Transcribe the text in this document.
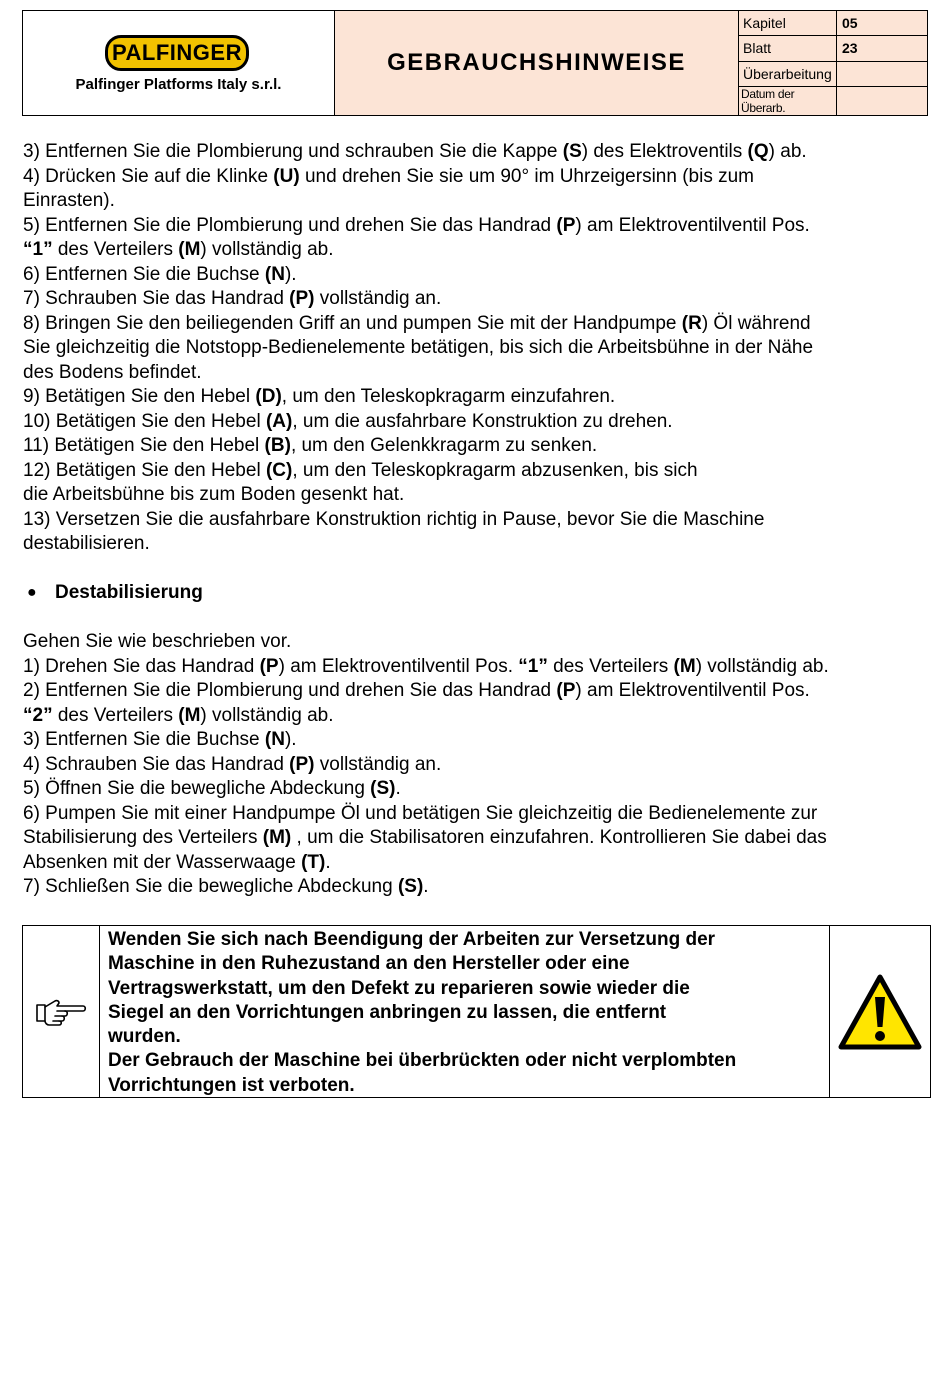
PALFINGER
Palfinger Platforms Italy s.r.l.
GEBRAUCHSHINWEISE
Kapitel	05
Blatt	23
Überarbeitung
Datum der Überarb.

3) Entfernen Sie die Plombierung und schrauben Sie die Kappe (S) des Elektroventils (Q) ab.

4) Drücken Sie auf die Klinke (U) und drehen Sie sie um 90° im Uhrzeigersinn (bis zum

Einrasten).

5) Entfernen Sie die Plombierung und drehen Sie das Handrad (P) am Elektroventilventil Pos.

“1” des Verteilers (M) vollständig ab.

6) Entfernen Sie die Buchse (N).

7) Schrauben Sie das Handrad (P) vollständig an.

8) Bringen Sie den beiliegenden Griff an und pumpen Sie mit der Handpumpe (R) Öl während

Sie gleichzeitig die Notstopp-Bedienelemente betätigen, bis sich die Arbeitsbühne in der Nähe

des Bodens befindet.

9) Betätigen Sie den Hebel (D), um den Teleskopkragarm einzufahren.

10) Betätigen Sie den Hebel (A), um die ausfahrbare Konstruktion zu drehen.

11) Betätigen Sie den Hebel (B), um den Gelenkkragarm zu senken.

12) Betätigen Sie den Hebel (C), um den Teleskopkragarm abzusenken, bis sich

die Arbeitsbühne bis zum Boden gesenkt hat.

13) Versetzen Sie die ausfahrbare Konstruktion richtig in Pause, bevor Sie die Maschine

destabilisieren.

● Destabilisierung

Gehen Sie wie beschrieben vor.

1) Drehen Sie das Handrad (P) am Elektroventilventil Pos. “1” des Verteilers (M) vollständig ab.

2) Entfernen Sie die Plombierung und drehen Sie das Handrad (P) am Elektroventilventil Pos.

“2” des Verteilers (M) vollständig ab.

3) Entfernen Sie die Buchse (N).

4) Schrauben Sie das Handrad (P) vollständig an.

5) Öffnen Sie die bewegliche Abdeckung (S).

6) Pumpen Sie mit einer Handpumpe Öl und betätigen Sie gleichzeitig die Bedienelemente zur

Stabilisierung des Verteilers (M) , um die Stabilisatoren einzufahren. Kontrollieren Sie dabei das

Absenken mit der Wasserwaage (T).

7) Schließen Sie die bewegliche Abdeckung (S).

Wenden Sie sich nach Beendigung der Arbeiten zur Versetzung der

Maschine in den Ruhezustand an den Hersteller oder eine

Vertragswerkstatt, um den Defekt zu reparieren sowie wieder die

Siegel an den Vorrichtungen anbringen zu lassen, die entfernt

wurden.

Der Gebrauch der Maschine bei überbrückten oder nicht verplombten

Vorrichtungen ist verboten.
